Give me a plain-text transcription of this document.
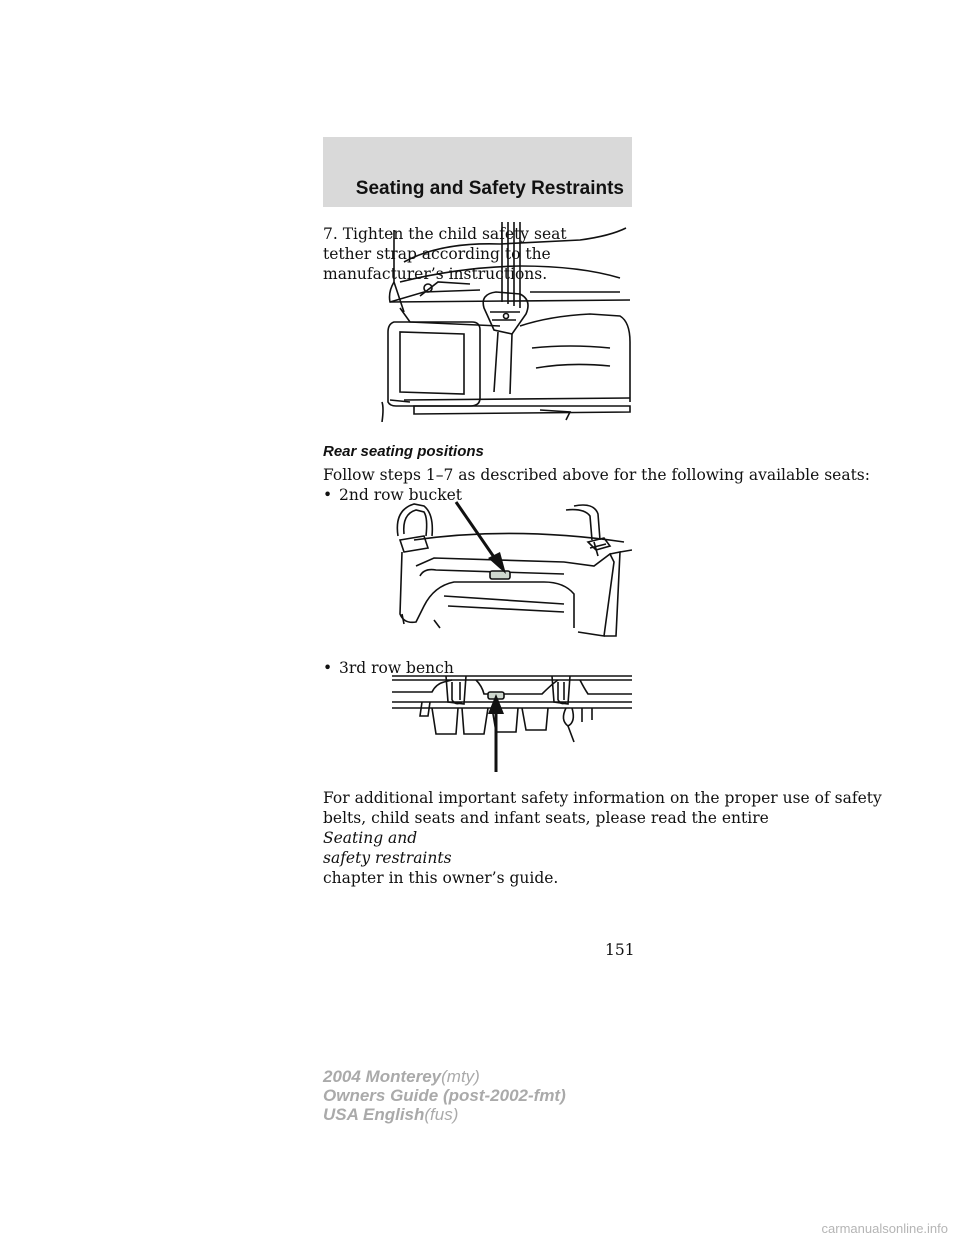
Seating and Safety Restraints
7. Tighten the child safety seat
tether strap according to the
manufacturer’s instructions.
Rear seating positions
Follow steps 1–7 as described above for the following available seats:
• 2nd row bucket
• 3rd row bench
For additional important safety information on the proper use of safety
belts, child seats and infant seats, please read the entire
Seating and
safety restraints
chapter in this owner’s guide.
151
2004 Monterey(mty)
Owners Guide (post-2002-fmt)
USA English(fus)
carmanualsonline.info
